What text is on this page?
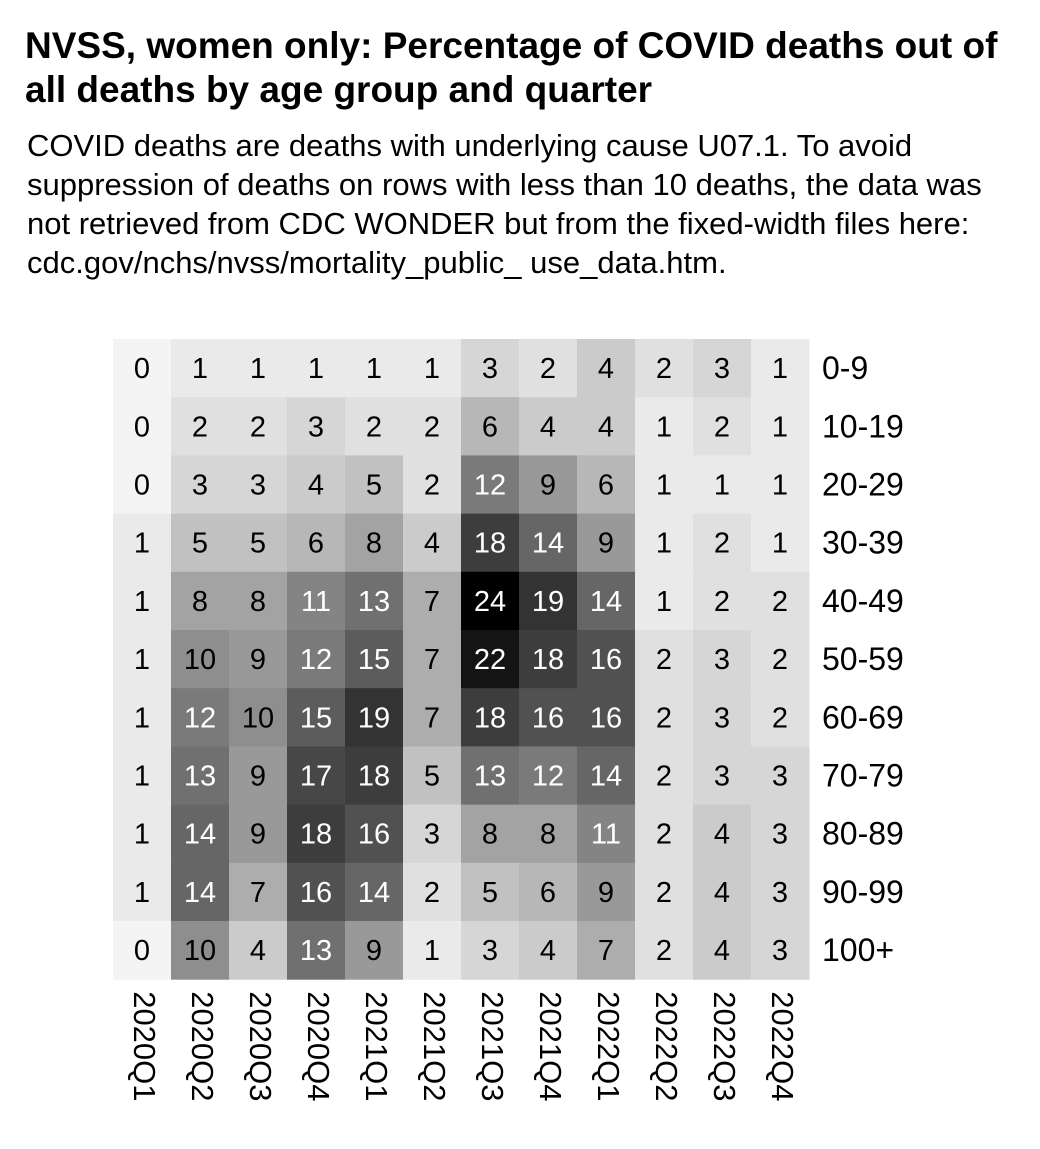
NVSS, women only: Percentage of COVID deaths out of all deaths by age group and quarter

COVID deaths are deaths with underlying cause U07.1. To avoid suppression of deaths on rows with less than 10 deaths, the data was not retrieved from CDC WONDER but from the fixed-width files here: cdc.gov/nchs/nvss/mortality_public_ use_data.htm.

0 1 1 1 1 1 3 2 4 2 3 1
0 2 2 3 2 2 6 4 4 1 2 1
0 3 3 4 5 2 12 9 6 1 1 1
1 5 5 6 8 4 18 14 9 1 2 1
1 8 8 11 13 7 24 19 14 1 2 2
1 10 9 12 15 7 22 18 16 2 3 2
1 12 10 15 19 7 18 16 16 2 3 2
1 13 9 17 18 5 13 12 14 2 3 3
1 14 9 18 16 3 8 8 11 2 4 3
1 14 7 16 14 2 5 6 9 2 4 3
0 10 4 13 9 1 3 4 7 2 4 3
0-9
10-19
20-29
30-39
40-49
50-59
60-69
70-79
80-89
90-99
100+
2020Q1 2020Q2 2020Q3 2020Q4 2021Q1 2021Q2 2021Q3 2021Q4 2022Q1 2022Q2 2022Q3 2022Q4
